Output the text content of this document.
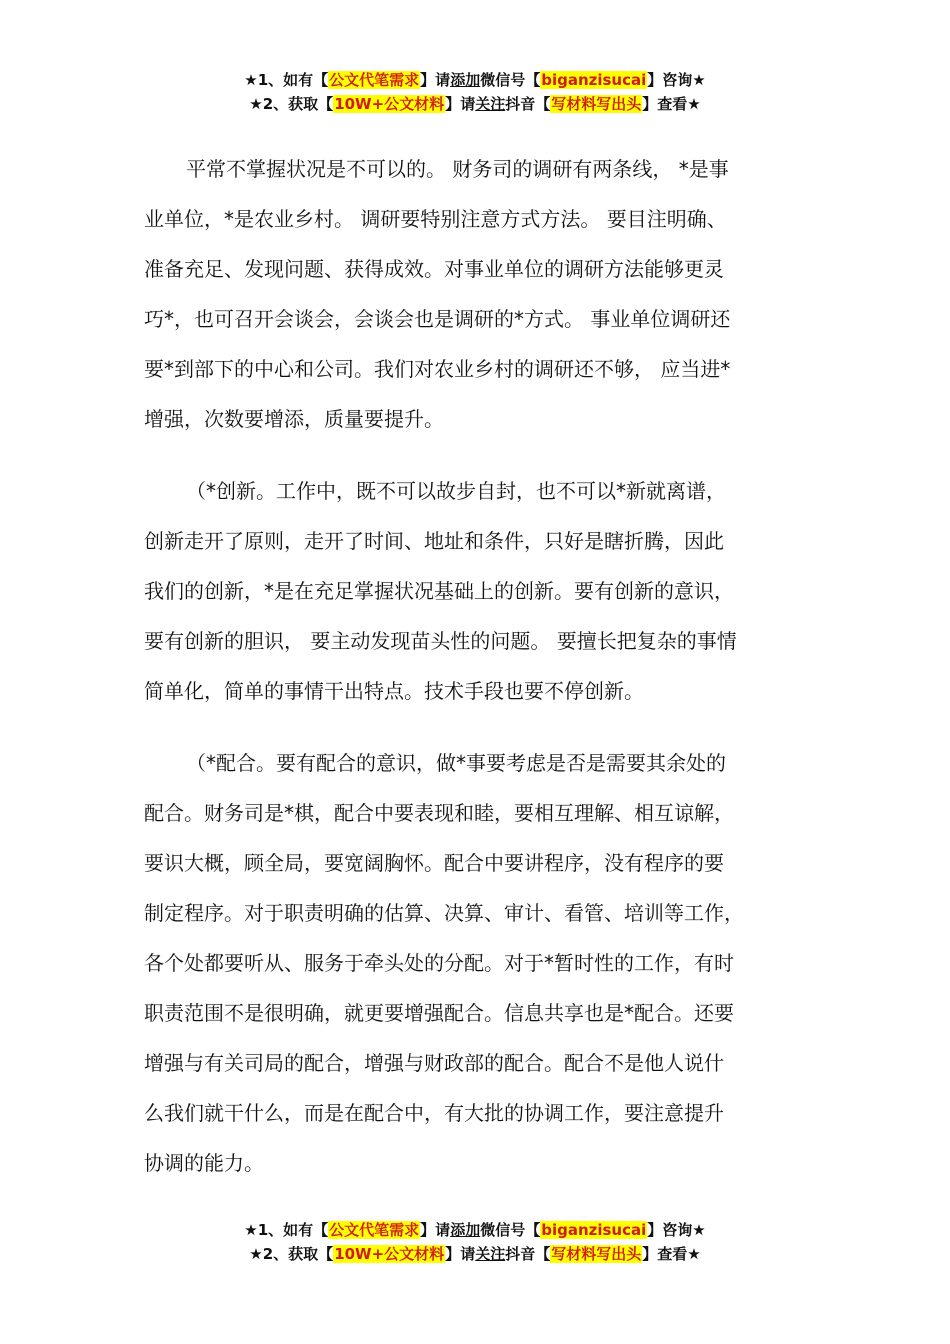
★1、如有【公文代笔需求】请添加微信号【biganzisucai】咨询★
★2、获取【10W+公文材料】请关注抖音【写材料写出头】查看★
平常不掌握状况是不可以的。 财务司的调研有两条线， *是事
业单位，*是农业乡村。 调研要特别注意方式方法。 要目注明确、
准备充足、发现问题、获得成效。对事业单位的调研方法能够更灵
巧*，也可召开会谈会，会谈会也是调研的*方式。 事业单位调研还
要*到部下的中心和公司。我们对农业乡村的调研还不够， 应当进*
增强，次数要增添，质量要提升。
（*创新。工作中，既不可以故步自封，也不可以*新就离谱，
创新走开了原则，走开了时间、地址和条件，只好是瞎折腾，因此
我们的创新，*是在充足掌握状况基础上的创新。要有创新的意识，
要有创新的胆识， 要主动发现苗头性的问题。 要擅长把复杂的事情
简单化，简单的事情干出特点。技术手段也要不停创新。
（*配合。要有配合的意识，做*事要考虑是否是需要其余处的
配合。财务司是*棋，配合中要表现和睦，要相互理解、相互谅解，
要识大概，顾全局，要宽阔胸怀。配合中要讲程序，没有程序的要
制定程序。对于职责明确的估算、决算、审计、看管、培训等工作，
各个处都要听从、服务于牵头处的分配。对于*暂时性的工作，有时
职责范围不是很明确，就更要增强配合。信息共享也是*配合。还要
增强与有关司局的配合，增强与财政部的配合。配合不是他人说什
么我们就干什么，而是在配合中，有大批的协调工作，要注意提升
协调的能力。
★1、如有【公文代笔需求】请添加微信号【biganzisucai】咨询★
★2、获取【10W+公文材料】请关注抖音【写材料写出头】查看★
